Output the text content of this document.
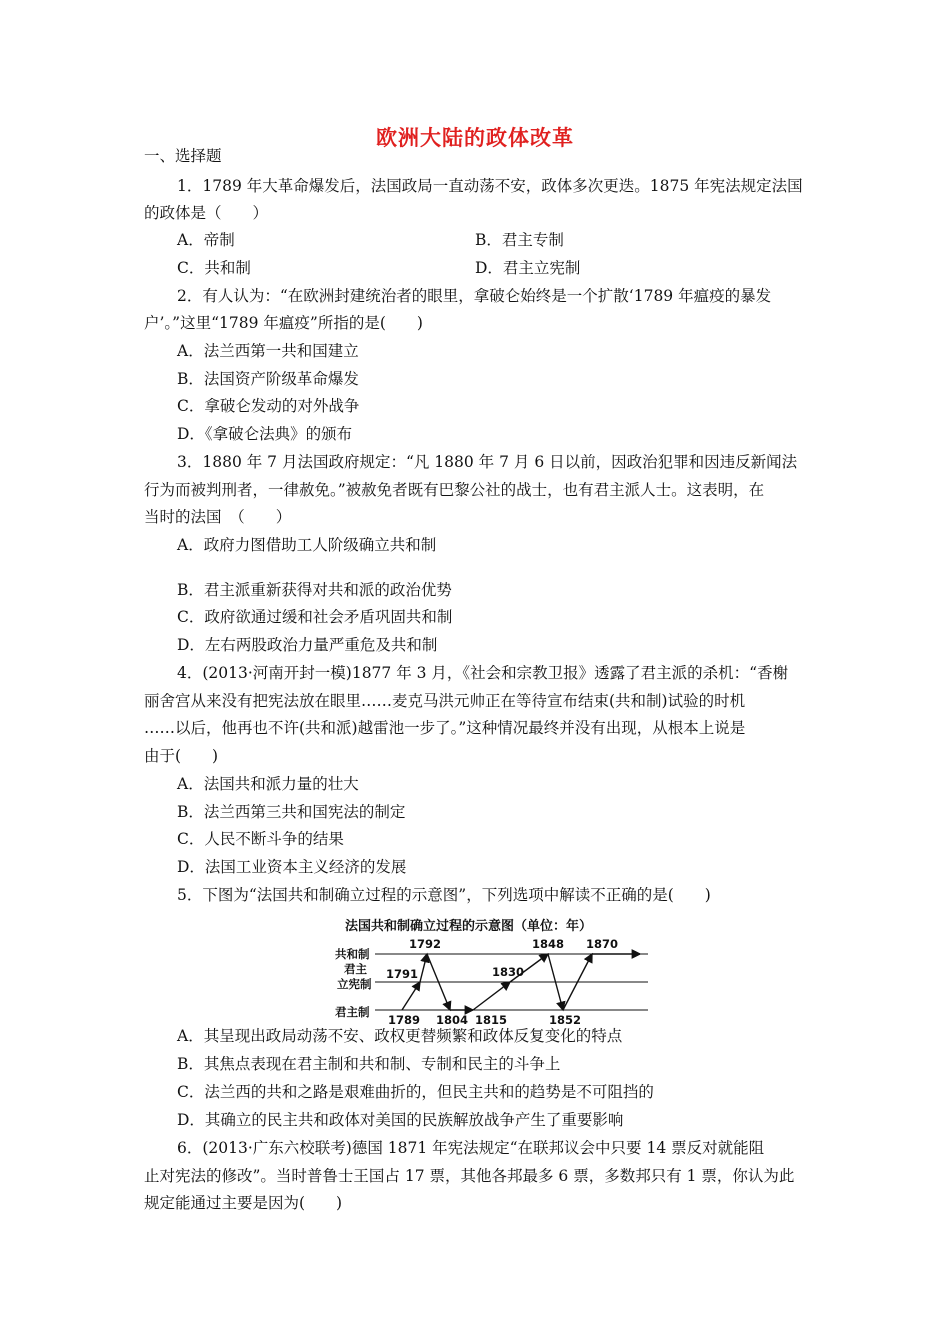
欧洲大陆的政体改革
一、选择题
1．1789 年大革命爆发后，法国政局一直动荡不安，政体多次更迭。1875 年宪法规定法国
的政体是（　　）
A．帝制	B．君主专制
C．共和制	D．君主立宪制
2．有人认为：“在欧洲封建统治者的眼里，拿破仑始终是一个扩散‘1789 年瘟疫的暴发
户’。”这里“1789 年瘟疫”所指的是(　　)
A．法兰西第一共和国建立
B．法国资产阶级革命爆发
C．拿破仑发动的对外战争
D．《拿破仑法典》的颁布
3．1880 年 7 月法国政府规定：“凡 1880 年 7 月 6 日以前，因政治犯罪和因违反新闻法
行为而被判刑者，一律赦免。”被赦免者既有巴黎公社的战士，也有君主派人士。这表明，在
当时的法国　（　　）
A．政府力图借助工人阶级确立共和制
B．君主派重新获得对共和派的政治优势
C．政府欲通过缓和社会矛盾巩固共和制
D．左右两股政治力量严重危及共和制
4．(2013·河南开封一模)1877 年 3 月，《社会和宗教卫报》透露了君主派的杀机：“香榭
丽舍宫从来没有把宪法放在眼里……麦克马洪元帅正在等待宣布结束(共和制)试验的时机
……以后，他再也不许(共和派)越雷池一步了。”这种情况最终并没有出现，从根本上说是
由于(　　)
A．法国共和派力量的壮大
B．法兰西第三共和国宪法的制定
C．人民不断斗争的结果
D．法国工业资本主义经济的发展
5．下图为“法国共和制确立过程的示意图”，下列选项中解读不正确的是(　　)
法国共和制确立过程的示意图（单位：年）
共和制
君主
立宪制
君主制
1789
1791
1792
1804 1815
1830
1848
1852
1870
A．其呈现出政局动荡不安、政权更替频繁和政体反复变化的特点
B．其焦点表现在君主制和共和制、专制和民主的斗争上
C．法兰西的共和之路是艰难曲折的，但民主共和的趋势是不可阻挡的
D．其确立的民主共和政体对美国的民族解放战争产生了重要影响
6．(2013·广东六校联考)德国 1871 年宪法规定“在联邦议会中只要 14 票反对就能阻
止对宪法的修改”。当时普鲁士王国占 17 票，其他各邦最多 6 票，多数邦只有 1 票，你认为此
规定能通过主要是因为(　　)
